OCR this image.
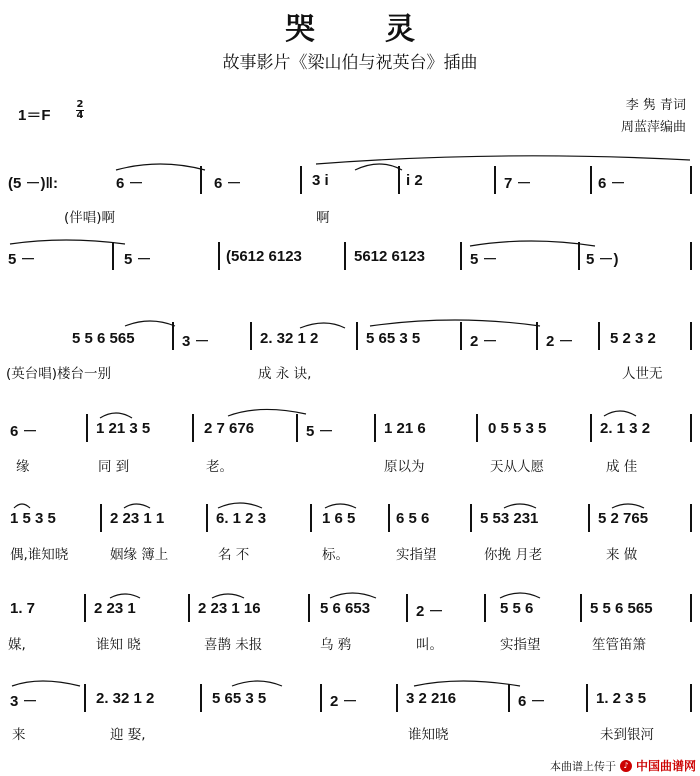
哭灵
故事影片《梁山伯与祝英台》插曲
1＝F
2
4
李 隽 青词
周蓝萍编曲
(5 －)‖:	6 －	6 －	3 i	i 2	7 －	6 －
(伴唱)啊	啊
5 －	5 －	(5612 6123	5612 6123	5 －	5 －)
5 5 6 565	3 －	2. 32 1 2	5 65 3 5	2 －	2 － 5 2 3 2
(英台唱)楼台一别	成 永 诀,	人世无
6 －	1 21 3 5	2 7 676	5 －	1 21 6	0 5 5 3 5	2. 1 3 2
缘	同 到	老。	原以为	天从人愿	成 佳
1 5 3 5	2 23 1 1	6. 1 2 3	1 6 5	6 5 6	5 53 231	5 2 765
偶,谁知晓	姻缘 簿上	名 不	标。	实指望	你挽 月老	来 做
1. 7	2 23 1	2 23 1 16	5 6 653	2 －	5 5 6	5 5 6 565
媒,	谁知 晓	喜鹊 未报	乌 鸦	叫。	实指望	笙管笛箫
3 －	2. 32 1 2	5 65 3 5	2 －	3 2 216	6 －	1. 2 3 5
来	迎 娶,	谁知晓	未到银河
本曲谱上传于 ♪ 中国曲谱网
